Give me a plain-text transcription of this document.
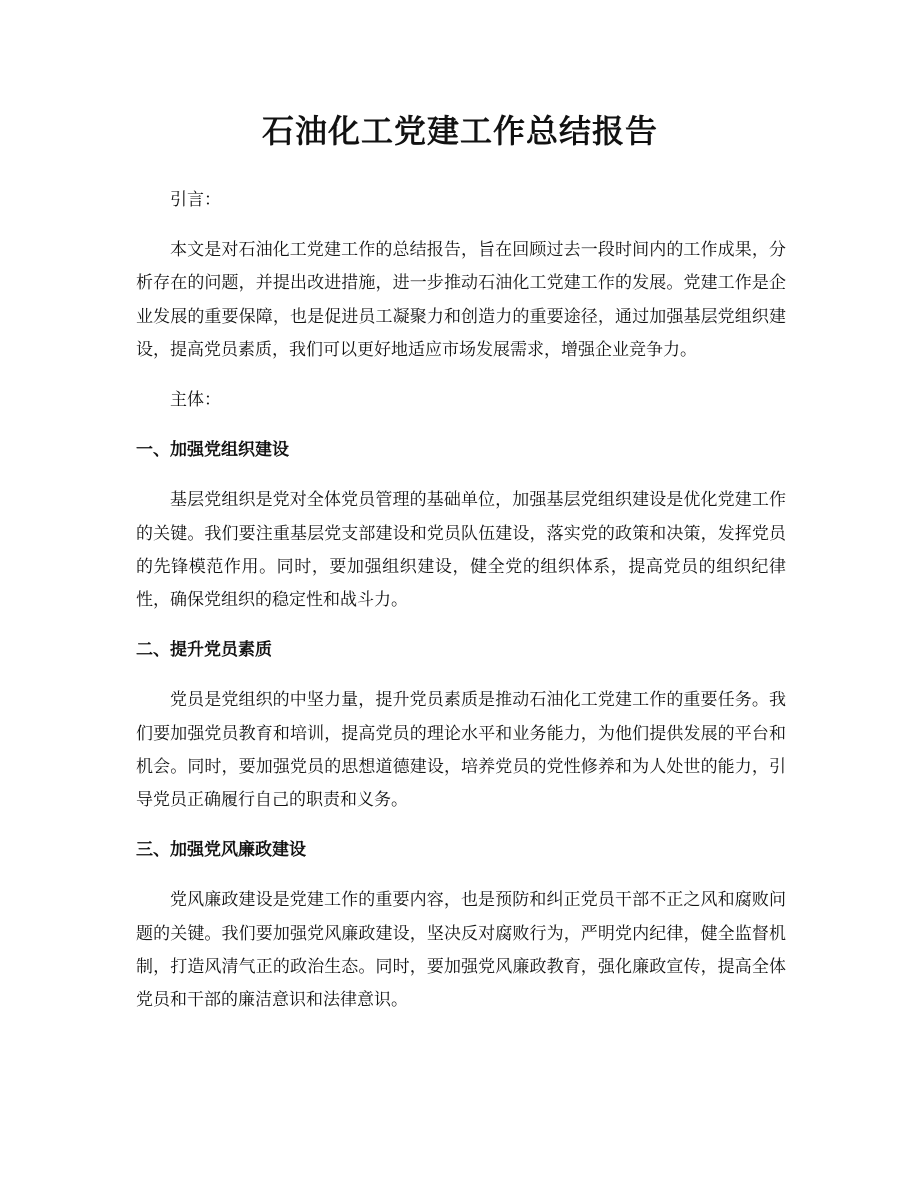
石油化工党建工作总结报告

引言：

本文是对石油化工党建工作的总结报告，旨在回顾过去一段时间内的工作成果，分析存在的问题，并提出改进措施，进一步推动石油化工党建工作的发展。党建工作是企业发展的重要保障，也是促进员工凝聚力和创造力的重要途径，通过加强基层党组织建设，提高党员素质，我们可以更好地适应市场发展需求，增强企业竞争力。

主体：

一、加强党组织建设

基层党组织是党对全体党员管理的基础单位，加强基层党组织建设是优化党建工作的关键。我们要注重基层党支部建设和党员队伍建设，落实党的政策和决策，发挥党员的先锋模范作用。同时，要加强组织建设，健全党的组织体系，提高党员的组织纪律性，确保党组织的稳定性和战斗力。

二、提升党员素质

党员是党组织的中坚力量，提升党员素质是推动石油化工党建工作的重要任务。我们要加强党员教育和培训，提高党员的理论水平和业务能力，为他们提供发展的平台和机会。同时，要加强党员的思想道德建设，培养党员的党性修养和为人处世的能力，引导党员正确履行自己的职责和义务。

三、加强党风廉政建设

党风廉政建设是党建工作的重要内容，也是预防和纠正党员干部不正之风和腐败问题的关键。我们要加强党风廉政建设，坚决反对腐败行为，严明党内纪律，健全监督机制，打造风清气正的政治生态。同时，要加强党风廉政教育，强化廉政宣传，提高全体党员和干部的廉洁意识和法律意识。
